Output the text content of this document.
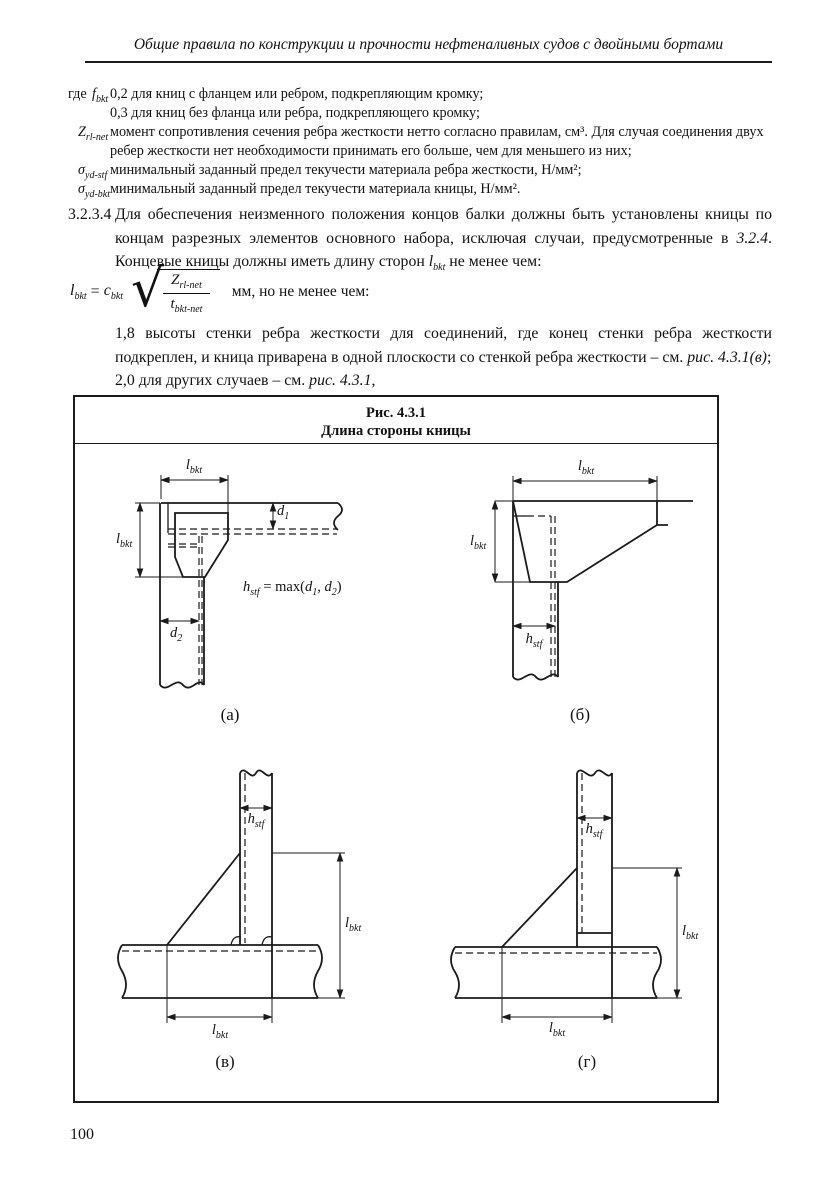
Общие правила по конструкции и прочности нефтеналивных судов с двойными бортами
где $f_{bkt}$ 0,2 для книц с фланцем или ребром, подкрепляющим кромку;
0,3 для книц без фланца или ребра, подкрепляющего кромку;
$Z_{rl-net}$ момент сопротивления сечения ребра жесткости нетто согласно правилам, см³. Для случая соединения двух ребер жесткости нет необходимости принимать его больше, чем для меньшего из них;
$\sigma_{yd-stf}$ минимальный заданный предел текучести материала ребра жесткости, Н/мм²;
$\sigma_{yd-bkt}$ минимальный заданный предел текучести материала кницы, Н/мм².
3.2.3.4 Для обеспечения неизменного положения концов балки должны быть установлены кницы по концам разрезных элементов основного набора, исключая случаи, предусмотренные в 3.2.4. Концевые кницы должны иметь длину сторон $l_{bkt}$ не менее чем:
$l_{bkt} = c_{bkt}$ √ $Z_{rl-net}$
$t_{bkt-net}$
мм, но не менее чем:
1,8 высоты стенки ребра жесткости для соединений, где конец стенки ребра жесткости подкреплен, и кница приварена в одной плоскости со стенкой ребра жесткости – см. рис. 4.3.1(в);
2,0 для других случаев – см. рис. 4.3.1,
Рис. 4.3.1
Длина стороны кницы
$l_{bkt}$
$l_{bkt}$
$d_1$
$d_2$
$h_{stf} = \max(d_1$, $d_2$)
(а)
$l_{bkt}$
$l_{bkt}$
$h_{stf}$
(б)
$h_{stf}$
$l_{bkt}$
$l_{bkt}$
(в)
$h_{stf}$
$l_{bkt}$
$l_{bkt}$
(г)
100
